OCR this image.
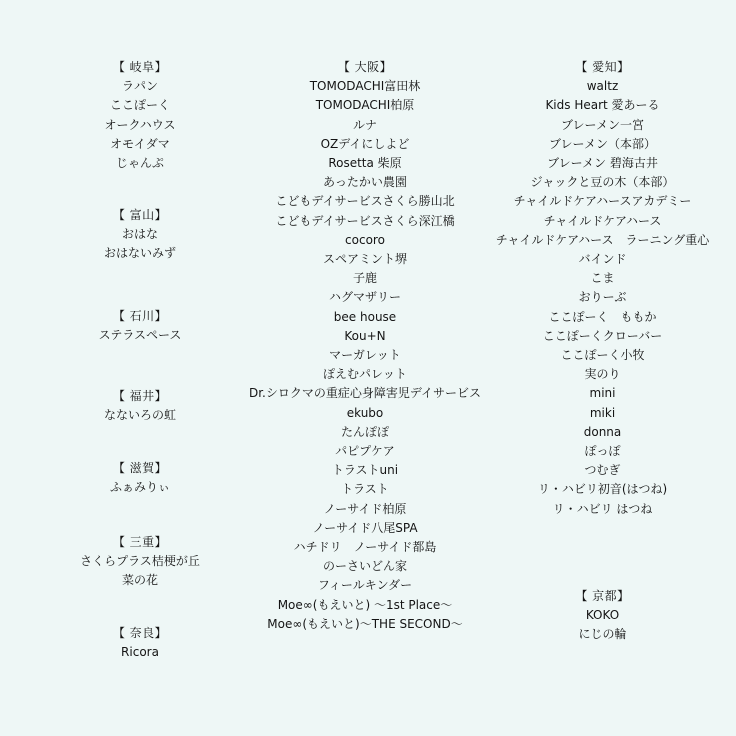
【 岐阜】
ラパン
ここぽーく
オークハウス
オモイダマ
じゃんぷ
【 富山】
おはな
おはないみず
【 石川】
ステラスペース
【 福井】
なないろの虹
【 滋賀】
ふぁみりぃ
【 三重】
さくらプラス桔梗が丘
菜の花
【 奈良】
Ricora
【 大阪】
TOMODACHI富田林
TOMODACHI柏原
ルナ
OZデイにしよど
Rosetta 柴原
あったかい農園
こどもデイサービスさくら勝山北
こどもデイサービスさくら深江橋
cocoro
スペアミント堺
子鹿
ハグマザリー
bee house
Kou+N
マーガレット
ぽえむパレット
Dr.シロクマの重症心身障害児デイサービス
ekubo
たんぽぽ
パピプケア
トラストuni
トラスト
ノーサイド柏原
ノーサイド八尾SPA
ハチドリ　ノーサイド都島
のーさいどん家
フィールキンダー
Moe∞(もえいと) 〜1st Place〜
Moe∞(もえいと)〜THE SECOND〜
【 愛知】
waltz
Kids Heart 愛あーる
ブレーメン一宮
ブレーメン（本部）
ブレーメン 碧海古井
ジャックと豆の木（本部）
チャイルドケアハースアカデミー
チャイルドケアハース
チャイルドケアハース　ラーニング重心
バインド
こま
おりーぶ
ここぽーく　ももか
ここぽーくクローバー
ここぽーく小牧
実のり
mini
miki
donna
ぽっぽ
つむぎ
リ・ハビリ初音(はつね)
リ・ハビリ はつね
【 京都】
KOKO
にじの輪
